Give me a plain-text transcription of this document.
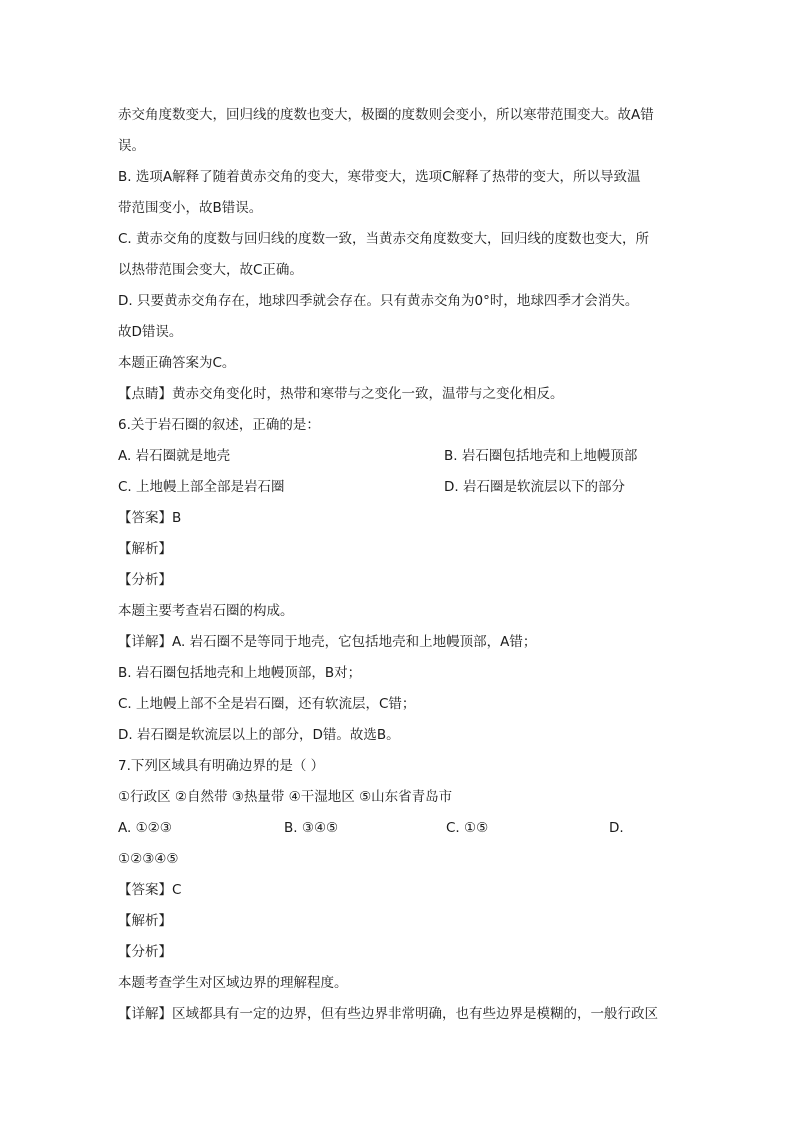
赤交角度数变大，回归线的度数也变大，极圈的度数则会变小，所以寒带范围变大。故A错
误。
B. 选项A解释了随着黄赤交角的变大，寒带变大，选项C解释了热带的变大，所以导致温
带范围变小，故B错误。
C. 黄赤交角的度数与回归线的度数一致，当黄赤交角度数变大，回归线的度数也变大，所
以热带范围会变大，故C正确。
D. 只要黄赤交角存在，地球四季就会存在。只有黄赤交角为0°时，地球四季才会消失。
故D错误。
本题正确答案为C。
【点睛】黄赤交角变化时，热带和寒带与之变化一致，温带与之变化相反。
6.关于岩石圈的叙述，正确的是：
A. 岩石圈就是地壳	B. 岩石圈包括地壳和上地幔顶部
C. 上地幔上部全部是岩石圈	D. 岩石圈是软流层以下的部分
【答案】B
【解析】
【分析】
本题主要考查岩石圈的构成。
【详解】A. 岩石圈不是等同于地壳，它包括地壳和上地幔顶部，A错；
B. 岩石圈包括地壳和上地幔顶部，B对；
C. 上地幔上部不全是岩石圈，还有软流层，C错；
D. 岩石圈是软流层以上的部分，D错。故选B。
7.下列区域具有明确边界的是（ ）
①行政区 ②自然带 ③热量带 ④干湿地区 ⑤山东省青岛市
A. ①②③	B. ③④⑤	C. ①⑤	D.
①②③④⑤
【答案】C
【解析】
【分析】
本题考查学生对区域边界的理解程度。
【详解】区域都具有一定的边界，但有些边界非常明确，也有些边界是模糊的，一般行政区
